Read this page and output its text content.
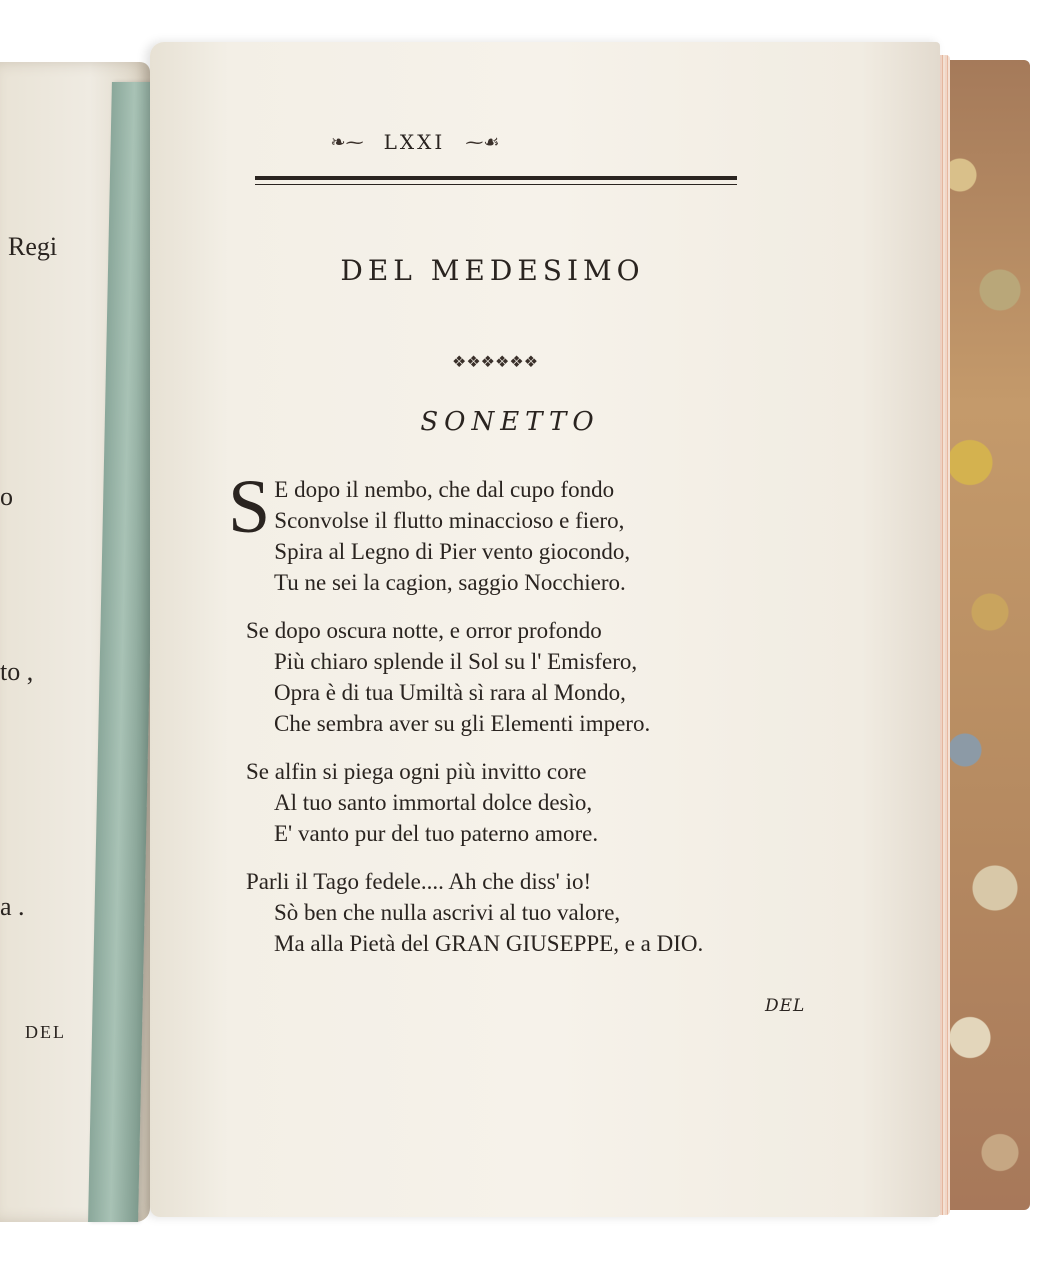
Regi
o
to ,
a .
DEL
❧⁓ LXXI ⁓☙
DEL MEDESIMO
❖❖❖❖❖❖
SONETTO
S E dopo il nembo, che dal cupo fondo
Sconvolse il flutto minaccioso e fiero,
Spira al Legno di Pier vento giocondo,
Tu ne sei la cagion, saggio Nocchiero.
Se dopo oscura notte, e orror profondo
Più chiaro splende il Sol su l' Emisfero,
Opra è di tua Umiltà sì rara al Mondo,
Che sembra aver su gli Elementi impero.
Se alfin si piega ogni più invitto core
Al tuo santo immortal dolce desìo,
E' vanto pur del tuo paterno amore.
Parli il Tago fedele.... Ah che diss' io!
Sò ben che nulla ascrivi al tuo valore,
Ma alla Pietà del GRAN GIUSEPPE, e a DIO.
DEL
